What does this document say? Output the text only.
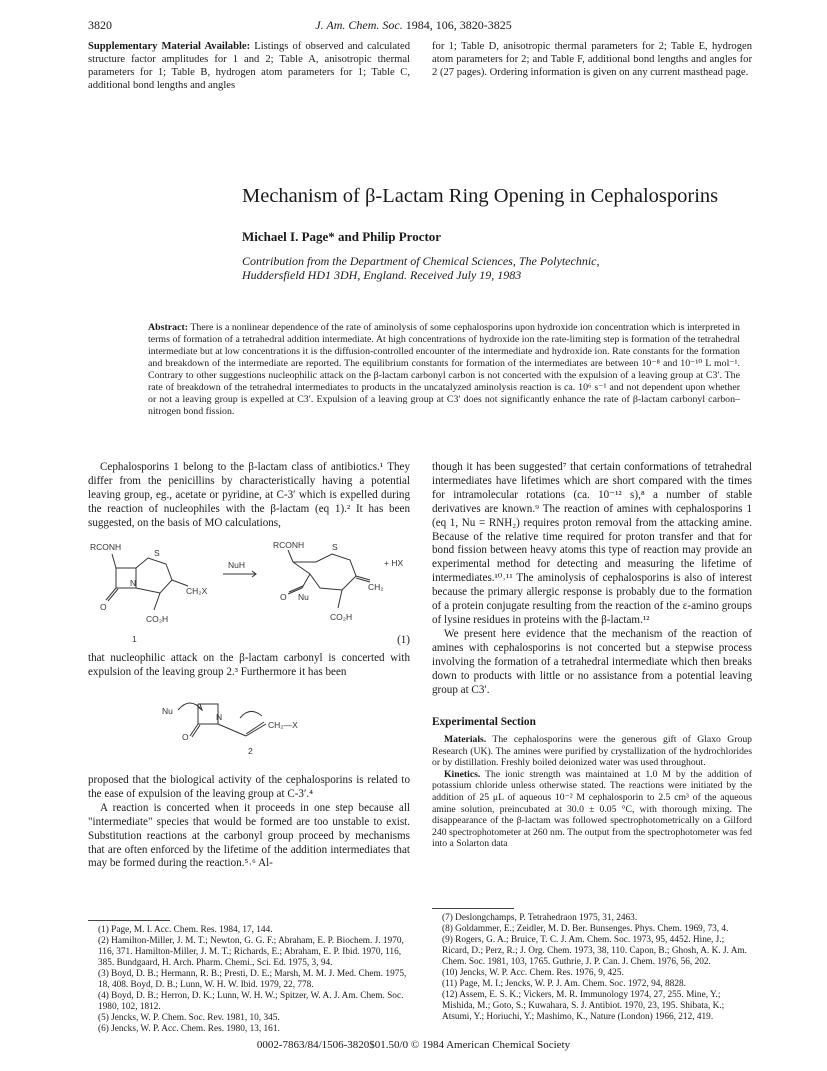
3820	J. Am. Chem. Soc. 1984, 106, 3820-3825
Supplementary Material Available: Listings of observed and calculated structure factor amplitudes for 1 and 2; Table A, anisotropic thermal parameters for 1; Table B, hydrogen atom parameters for 1; Table C, additional bond lengths and angles
for 1; Table D, anisotropic thermal parameters for 2; Table E, hydrogen atom parameters for 2; and Table F, additional bond lengths and angles for 2 (27 pages). Ordering information is given on any current masthead page.
Mechanism of β-Lactam Ring Opening in Cephalosporins
Michael I. Page* and Philip Proctor
Contribution from the Department of Chemical Sciences, The Polytechnic,
Huddersfield HD1 3DH, England. Received July 19, 1983
Abstract: There is a nonlinear dependence of the rate of aminolysis of some cephalosporins upon hydroxide ion concentration which is interpreted in terms of formation of a tetrahedral addition intermediate. At high concentrations of hydroxide ion the rate-limiting step is formation of the tetrahedral intermediate but at low concentrations it is the diffusion-controlled encounter of the intermediate and hydroxide ion. Rate constants for the formation and breakdown of the intermediate are reported. The equilibrium constants for formation of the intermediates are between 10⁻⁸ and 10⁻¹⁰ L mol⁻¹. Contrary to other suggestions nucleophilic attack on the β-lactam carbonyl carbon is not concerted with the expulsion of a leaving group at C3′. The rate of breakdown of the tetrahedral intermediates to products in the uncatalyzed aminolysis reaction is ca. 10⁶ s⁻¹ and not dependent upon whether or not a leaving group is expelled at C3′. Expulsion of a leaving group at C3′ does not significantly enhance the rate of β-lactam carbonyl carbon–nitrogen bond fission.

Cephalosporins 1 belong to the β-lactam class of antibiotics.¹ They differ from the penicillins by characteristically having a potential leaving group, eg., acetate or pyridine, at C-3′ which is expelled during the reaction of nucleophiles with the β-lactam (eq 1).² It has been suggested, on the basis of MO calculations,

RCONH
S
N
O
CH₂X
CO₂H
NuH
RCONH	S
O Nu
CH₂
+ HX
CO₂H
1	(1)

that nucleophilic attack on the β-lactam carbonyl is concerted with expulsion of the leaving group 2.³ Furthermore it has been

Nu
O
N
CH₂—X
2

proposed that the biological activity of the cephalosporins is related to the ease of expulsion of the leaving group at C-3′.⁴

A reaction is concerted when it proceeds in one step because all "intermediate" species that would be formed are too unstable to exist. Substitution reactions at the carbonyl group proceed by mechanisms that are often enforced by the lifetime of the addition intermediates that may be formed during the reaction.⁵˒⁶ Al-

though it has been suggested⁷ that certain conformations of tetrahedral intermediates have lifetimes which are short compared with the times for intramolecular rotations (ca. 10⁻¹² s),⁸ a number of stable derivatives are known.⁹ The reaction of amines with cephalosporins 1 (eq 1, Nu = RNH₂) requires proton removal from the attacking amine. Because of the relative time required for proton transfer and that for bond fission between heavy atoms this type of reaction may provide an experimental method for detecting and measuring the lifetime of intermediates.¹⁰˒¹¹ The aminolysis of cephalosporins is also of interest because the primary allergic response is probably due to the formation of a protein conjugate resulting from the reaction of the ε-amino groups of lysine residues in proteins with the β-lactam.¹²

We present here evidence that the mechanism of the reaction of amines with cephalosporins is not concerted but a stepwise process involving the formation of a tetrahedral intermediate which then breaks down to products with little or no assistance from a potential leaving group at C3′.

Experimental Section

Materials. The cephalosporins were the generous gift of Glaxo Group Research (UK). The amines were purified by crystallization of the hydrochlorides or by distillation. Freshly boiled deionized water was used throughout.

Kinetics. The ionic strength was maintained at 1.0 M by the addition of potassium chloride unless otherwise stated. The reactions were initiated by the addition of 25 μL of aqueous 10⁻² M cephalosporin to 2.5 cm³ of the aqueous amine solution, preincubated at 30.0 ± 0.05 °C, with thorough mixing. The disappearance of the β-lactam was followed spectrophotometrically on a Gilford 240 spectrophotometer at 260 nm. The output from the spectrophotometer was fed into a Solarton data

(1) Page, M. I. Acc. Chem. Res. 1984, 17, 144.
(2) Hamilton-Miller, J. M. T.; Newton, G. G. F.; Abraham, E. P. Biochem. J. 1970, 116, 371. Hamilton-Miller, J. M. T.; Richards, E.; Abraham, E. P. Ibid. 1970, 116, 385. Bundgaard, H. Arch. Pharm. Chemi., Sci. Ed. 1975, 3, 94.
(3) Boyd, D. B.; Hermann, R. B.; Presti, D. E.; Marsh, M. M. J. Med. Chem. 1975, 18, 408. Boyd, D. B.; Lunn, W. H. W. Ibid. 1979, 22, 778.
(4) Boyd, D. B.; Herron, D. K.; Lunn, W. H. W.; Spitzer, W. A. J. Am. Chem. Soc. 1980, 102, 1812.
(5) Jencks, W. P. Chem. Soc. Rev. 1981, 10, 345.
(6) Jencks, W. P. Acc. Chem. Res. 1980, 13, 161.
(7) Deslongchamps, P. Tetrahedraon 1975, 31, 2463.
(8) Goldammer, E.; Zeidler, M. D. Ber. Bunsenges. Phys. Chem. 1969, 73, 4.
(9) Rogers, G. A.; Bruice, T. C. J. Am. Chem. Soc. 1973, 95, 4452. Hine, J.; Ricard, D.; Perz, R.; J. Org. Chem. 1973, 38, 110. Capon, B.; Ghosh, A. K. J. Am. Chem. Soc. 1981, 103, 1765. Guthrie, J. P. Can. J. Chem. 1976, 56, 202.
(10) Jencks, W. P. Acc. Chem. Res. 1976, 9, 425.
(11) Page, M. I.; Jencks, W. P. J. Am. Chem. Soc. 1972, 94, 8828.
(12) Assem, E. S. K.; Vickers, M. R. Immunology 1974, 27, 255. Mine, Y.; Mishida, M.; Goto, S.; Kuwahara, S. J. Antibiot. 1970, 23, 195. Shibata, K.; Atsumi, Y.; Horiuchi, Y.; Mashimo, K., Nature (London) 1966, 212, 419.
0002-7863/84/1506-3820$01.50/0 © 1984 American Chemical Society
